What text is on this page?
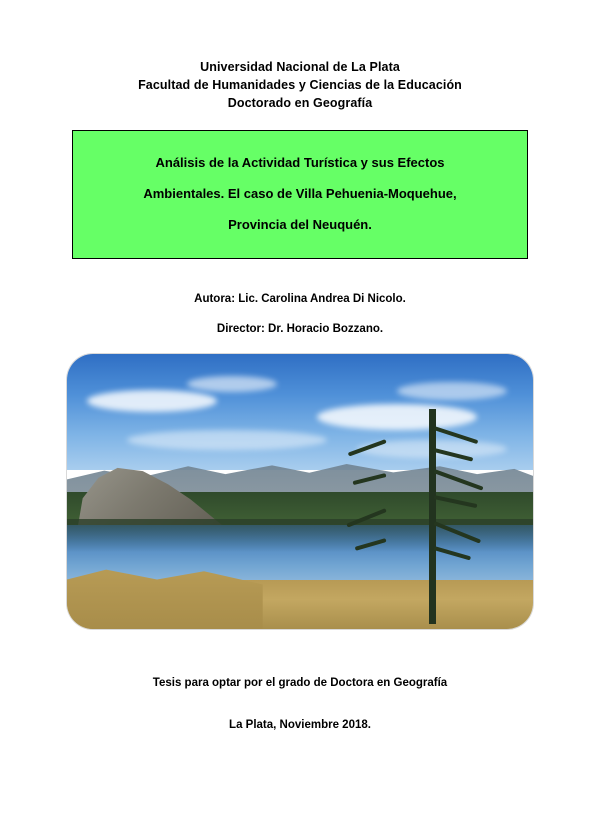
Universidad Nacional de La Plata
Facultad de Humanidades y Ciencias de la Educación
Doctorado en Geografía
Análisis de la Actividad Turística y sus Efectos
Ambientales. El caso de Villa Pehuenia-Moquehue,
Provincia del Neuquén.
Autora: Lic. Carolina Andrea Di Nicolo.
Director: Dr. Horacio Bozzano.
Tesis para optar por el grado de Doctora en Geografía
La Plata, Noviembre 2018.
